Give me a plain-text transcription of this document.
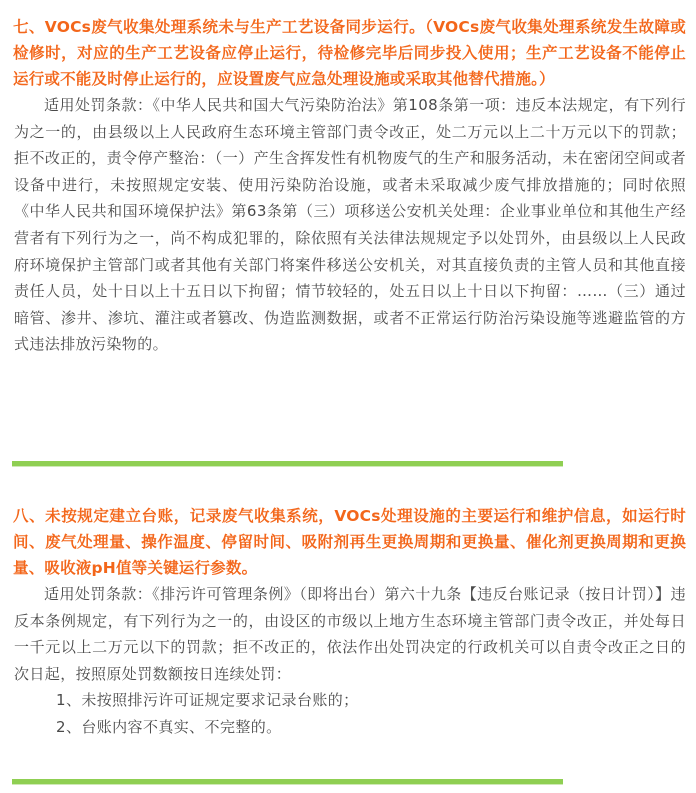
七、VOCs废气收集处理系统未与生产工艺设备同步运行。（VOCs废气收集处理系统发生故障或检修时，对应的生产工艺设备应停止运行，待检修完毕后同步投入使用；生产工艺设备不能停止运行或不能及时停止运行的，应设置废气应急处理设施或采取其他替代措施。）

适用处罚条款：《中华人民共和国大气污染防治法》第108条第一项：违反本法规定，有下列行为之一的，由县级以上人民政府生态环境主管部门责令改正，处二万元以上二十万元以下的罚款；拒不改正的，责令停产整治：（一）产生含挥发性有机物废气的生产和服务活动，未在密闭空间或者设备中进行，未按照规定安装、使用污染防治设施，或者未采取减少废气排放措施的；同时依照《中华人民共和国环境保护法》第63条第（三）项移送公安机关处理：企业事业单位和其他生产经营者有下列行为之一，尚不构成犯罪的，除依照有关法律法规规定予以处罚外，由县级以上人民政府环境保护主管部门或者其他有关部门将案件移送公安机关，对其直接负责的主管人员和其他直接责任人员，处十日以上十五日以下拘留；情节较轻的，处五日以上十日以下拘留：……（三）通过暗管、渗井、渗坑、灌注或者篡改、伪造监测数据，或者不正常运行防治污染设施等逃避监管的方式违法排放污染物的。

八、未按规定建立台账，记录废气收集系统，VOCs处理设施的主要运行和维护信息，如运行时间、废气处理量、操作温度、停留时间、吸附剂再生更换周期和更换量、催化剂更换周期和更换量、吸收液pH值等关键运行参数。

适用处罚条款：《排污许可管理条例》（即将出台）第六十九条【违反台账记录（按日计罚）】违反本条例规定，有下列行为之一的，由设区的市级以上地方生态环境主管部门责令改正，并处每日一千元以上二万元以下的罚款；拒不改正的，依法作出处罚决定的行政机关可以自责令改正之日的次日起，按照原处罚数额按日连续处罚：

1、未按照排污许可证规定要求记录台账的；

2、台账内容不真实、不完整的。
